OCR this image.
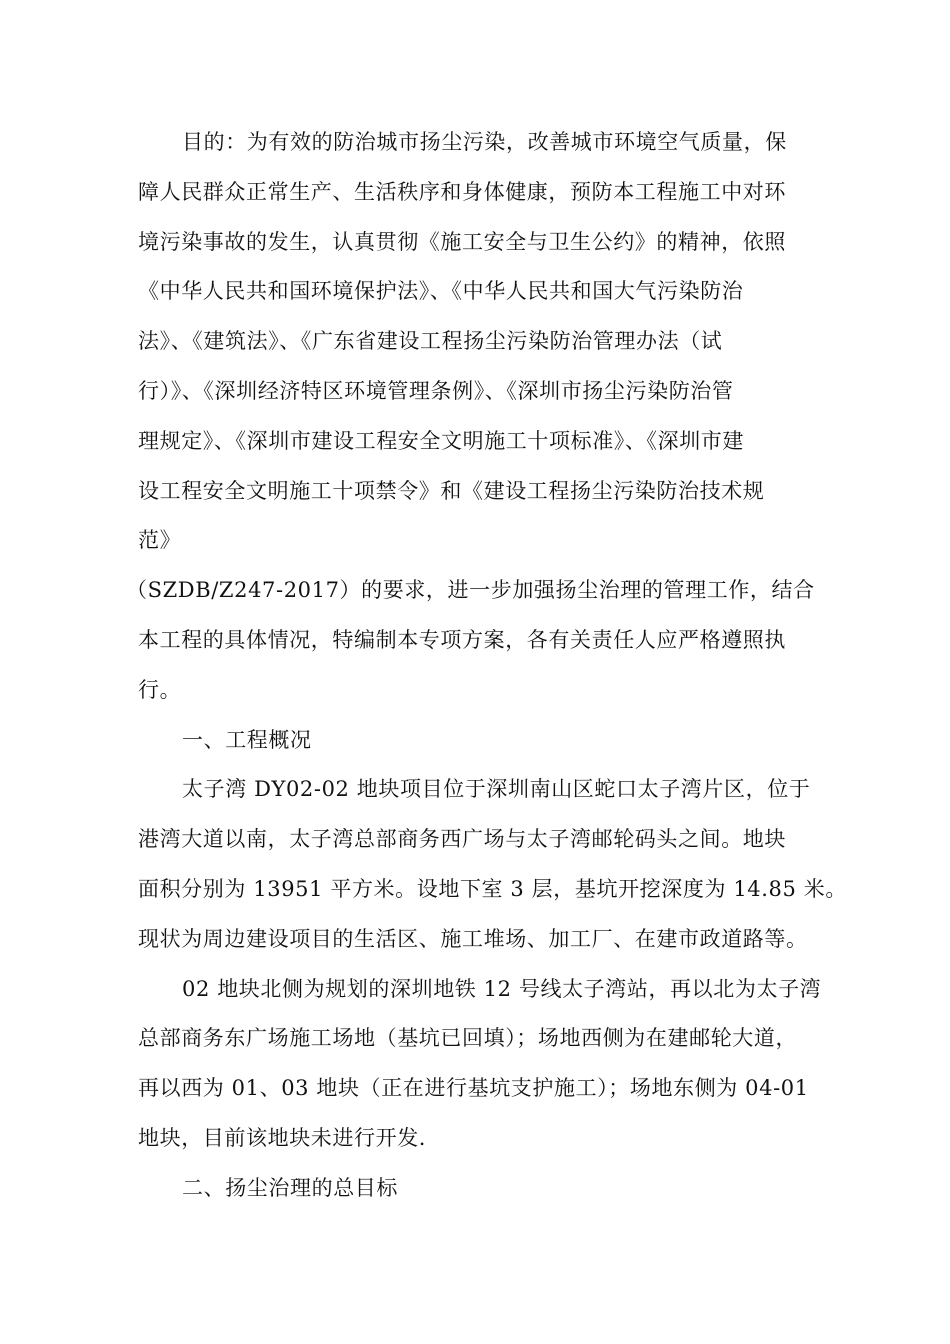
目的：为有效的防治城市扬尘污染，改善城市环境空气质量，保
障人民群众正常生产、生活秩序和身体健康，预防本工程施工中对环
境污染事故的发生，认真贯彻《施工安全与卫生公约》的精神，依照
《中华人民共和国环境保护法》、《中华人民共和国大气污染防治
法》、《建筑法》、《广东省建设工程扬尘污染防治管理办法（试
行）》、《深圳经济特区环境管理条例》、《深圳市扬尘污染防治管
理规定》、《深圳市建设工程安全文明施工十项标准》、《深圳市建
设工程安全文明施工十项禁令》和《建设工程扬尘污染防治技术规
范》
（SZDB/Z247-2017）的要求，进一步加强扬尘治理的管理工作，结合
本工程的具体情况，特编制本专项方案，各有关责任人应严格遵照执
行。
一、工程概况
太子湾 DY02-02 地块项目位于深圳南山区蛇口太子湾片区，位于
港湾大道以南，太子湾总部商务西广场与太子湾邮轮码头之间。地块
面积分别为 13951 平方米。设地下室 3 层，基坑开挖深度为 14.85 米。
现状为周边建设项目的生活区、施工堆场、加工厂、在建市政道路等。
02 地块北侧为规划的深圳地铁 12 号线太子湾站，再以北为太子湾
总部商务东广场施工场地（基坑已回填）；场地西侧为在建邮轮大道，
再以西为 01、03 地块（正在进行基坑支护施工）；场地东侧为 04-01
地块，目前该地块未进行开发.
二、扬尘治理的总目标
